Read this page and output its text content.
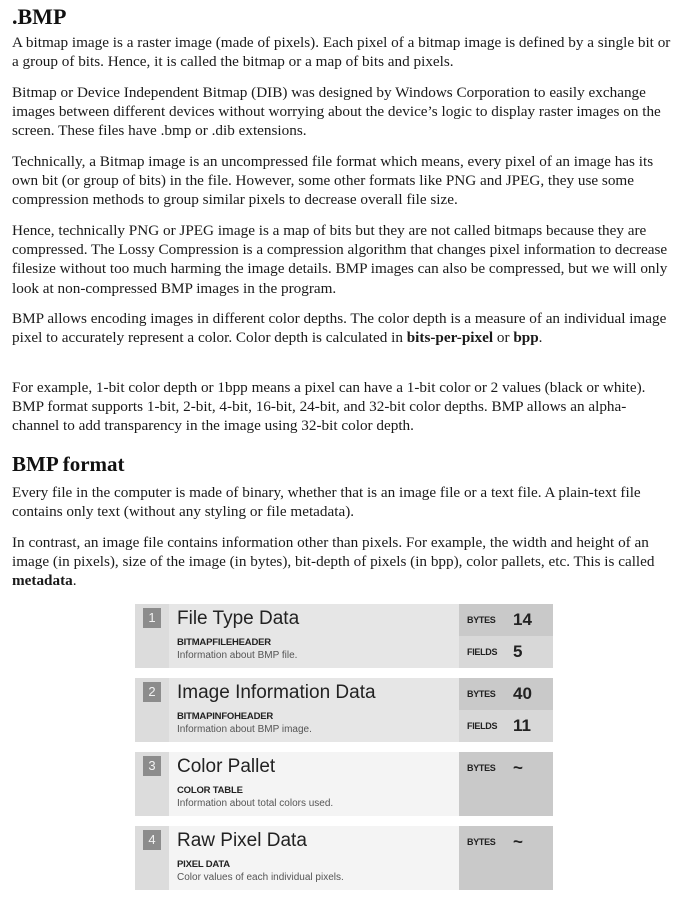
.BMP

A bitmap image is a raster image (made of pixels). Each pixel of a bitmap image is defined by a single bit or a group of bits. Hence, it is called the bitmap or a map of bits and pixels.

Bitmap or Device Independent Bitmap (DIB) was designed by Windows Corporation to easily exchange images between different devices without worrying about the device’s logic to display raster images on the screen. These files have .bmp or .dib extensions.

Technically, a Bitmap image is an uncompressed file format which means, every pixel of an image has its own bit (or group of bits) in the file. However, some other formats like PNG and JPEG, they use some compression methods to group similar pixels to decrease overall file size.

Hence, technically PNG or JPEG image is a map of bits but they are not called bitmaps because they are compressed. The Lossy Compression is a compression algorithm that changes pixel information to decrease filesize without too much harming the image details. BMP images can also be compressed, but we will only look at non-compressed BMP images in the program.

BMP allows encoding images in different color depths. The color depth is a measure of an individual image pixel to accurately represent a color. Color depth is calculated in bits-per-pixel or bpp.

For example, 1-bit color depth or 1bpp means a pixel can have a 1-bit color or 2 values (black or white). BMP format supports 1-bit, 2-bit, 4-bit, 16-bit, 24-bit, and 32-bit color depths. BMP allows an alpha-channel to add transparency in the image using 32-bit color depth.

BMP format

Every file in the computer is made of binary, whether that is an image file or a text file. A plain-text file contains only text (without any styling or file metadata).

In contrast, an image file contains information other than pixels. For example, the width and height of an image (in pixels), size of the image (in bytes), bit-depth of pixels (in bpp), color pallets, etc. This is called metadata.

1 File Type Data
BITMAPFILEHEADER
Information about BMP file.
BYTES 14
FIELDS 5
2 Image Information Data
BITMAPINFOHEADER
Information about BMP image.
BYTES 40
FIELDS 11
3 Color Pallet
COLOR TABLE
Information about total colors used.
BYTES ~
4 Raw Pixel Data
PIXEL DATA
Color values of each individual pixels.
BYTES ~
